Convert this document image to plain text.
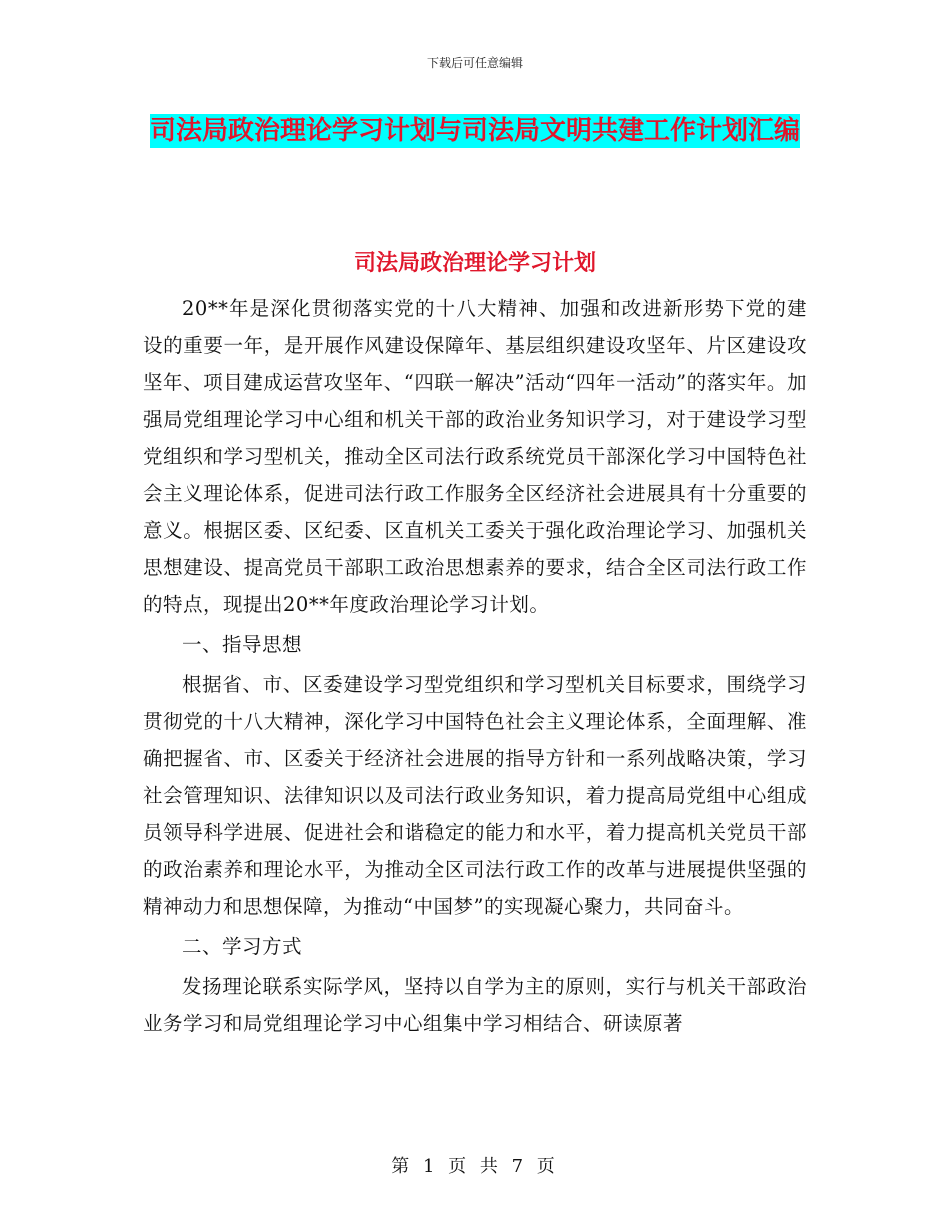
下载后可任意编辑
司法局政治理论学习计划与司法局文明共建工作计划汇编
司法局政治理论学习计划

20**年是深化贯彻落实党的十八大精神、加强和改进新形势下党的建设的重要一年，是开展作风建设保障年、基层组织建设攻坚年、片区建设攻坚年、项目建成运营攻坚年、“四联一解决”活动“四年一活动”的落实年。加强局党组理论学习中心组和机关干部的政治业务知识学习，对于建设学习型党组织和学习型机关，推动全区司法行政系统党员干部深化学习中国特色社会主义理论体系，促进司法行政工作服务全区经济社会进展具有十分重要的意义。根据区委、区纪委、区直机关工委关于强化政治理论学习、加强机关思想建设、提高党员干部职工政治思想素养的要求，结合全区司法行政工作的特点，现提出20**年度政治理论学习计划。

一、指导思想

根据省、市、区委建设学习型党组织和学习型机关目标要求，围绕学习贯彻党的十八大精神，深化学习中国特色社会主义理论体系，全面理解、准确把握省、市、区委关于经济社会进展的指导方针和一系列战略决策，学习社会管理知识、法律知识以及司法行政业务知识，着力提高局党组中心组成员领导科学进展、促进社会和谐稳定的能力和水平，着力提高机关党员干部的政治素养和理论水平，为推动全区司法行政工作的改革与进展提供坚强的精神动力和思想保障，为推动“中国梦”的实现凝心聚力，共同奋斗。

二、学习方式

发扬理论联系实际学风，坚持以自学为主的原则，实行与机关干部政治业务学习和局党组理论学习中心组集中学习相结合、研读原著

第 1 页 共 7 页
